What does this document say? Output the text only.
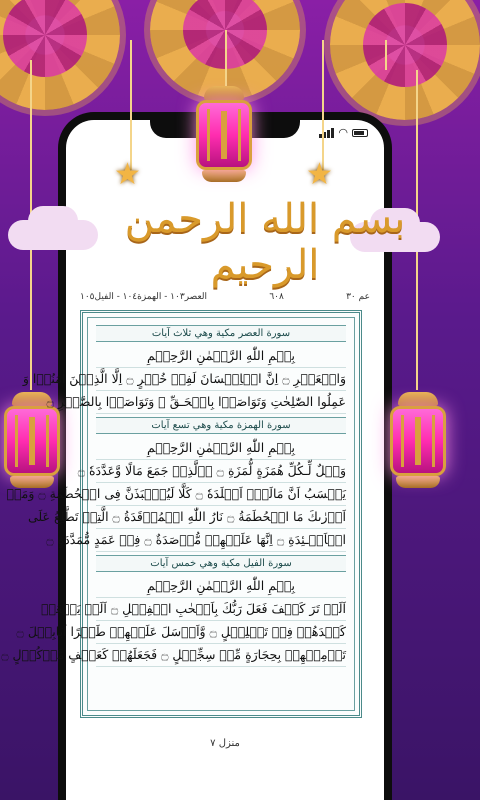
◠
★	★
بسم الله الرحمن الرحيم
عم ٣٠
٦٠٨
العصر١٠٣ - الهمزة١٠٤ - الفيل١٠٥
سورة العصر مكية وهي ثلاث آيات
بِسۡمِ اللّٰهِ الرَّحۡمٰنِ الرَّحِيۡمِ
وَالۡعَصۡرِ ۝ اِنَّ الۡاِنۡسَانَ لَفِىۡ خُسۡرٍ ۝ اِلَّا الَّذِيۡنَ اٰمَنُوۡا وَ
عَمِلُوا الصّٰلِحٰتِ وَتَوَاصَوۡا بِالۡحَـقِّ ۙ وَتَوَاصَوۡا بِالصَّبۡرِ ۝
سورة الهمزة مكية وهي تسع آيات
بِسۡمِ اللّٰهِ الرَّحۡمٰنِ الرَّحِيۡمِ
وَيۡلٌ لِّـكُلِّ هُمَزَةٍ لُّمَزَةِ ۝ اۨلَّذِىۡ جَمَعَ مَالًا وَّعَدَّدَهٗ ۝
يَحۡسَبُ اَنَّ مَالَهٗۤ اَخۡلَدَهٗ ۝ كَلَّا لَيُنۡۢبَذَنَّ فِى الۡحُطَمَةِ ۝ وَمَاۤ
اَدۡرٰىكَ مَا الۡحُطَمَةُ ۝ نَارُ اللّٰهِ الۡمُوۡقَدَةُ ۝ الَّتِىۡ تَطَّلِعُ عَلَى
الۡاَفۡـئِدَةِ ۝ اِنَّهَا عَلَيۡهِمۡ مُّؤۡصَدَةٌ ۝ فِىۡ عَمَدٍ مُّمَدَّدَةٍ ۝
سورة الفيل مكية وهي خمس آيات
بِسۡمِ اللّٰهِ الرَّحۡمٰنِ الرَّحِيۡمِ
اَلَمۡ تَرَ كَيۡفَ فَعَلَ رَبُّكَ بِاَصۡحٰبِ الۡفِيۡلِ ۝ اَلَمۡ يَجۡعَلۡ
كَيۡدَهُمۡ فِىۡ تَضۡلِيۡلٍ ۝ وَّاَرۡسَلَ عَلَيۡهِمۡ طَيۡرًا اَبَابِيۡلَ ۝
تَرۡمِيۡهِمۡ بِحِجَارَةٍ مِّنۡ سِجِّيۡلٍ ۝ فَجَعَلَهُمۡ كَعَصۡفٍ مَّاۡكُوۡلٍ ۝
منزل ٧
